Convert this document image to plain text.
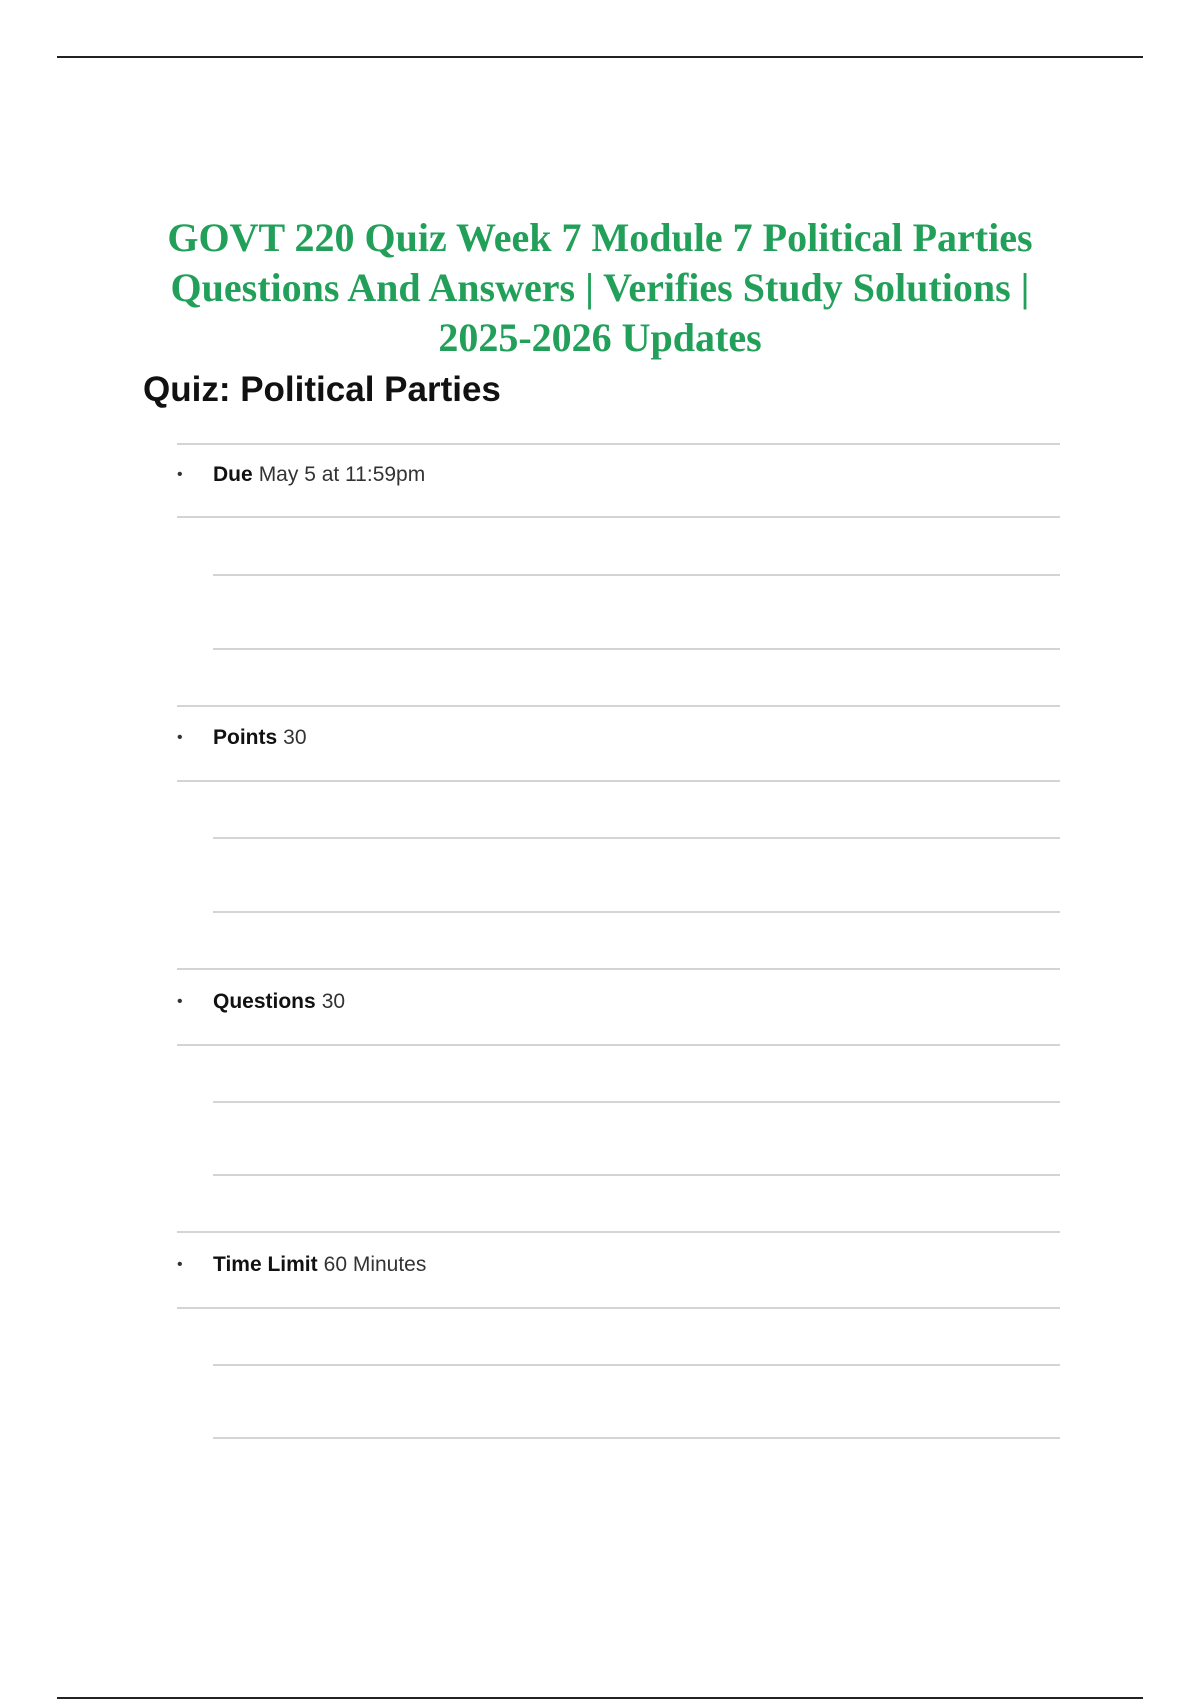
GOVT 220 Quiz Week 7 Module 7 Political Parties
Questions And Answers | Verifies Study Solutions |
2025-2026 Updates
Quiz: Political Parties
•	Due May 5 at 11:59pm
•	Points 30
•	Questions 30
•	Time Limit 60 Minutes
